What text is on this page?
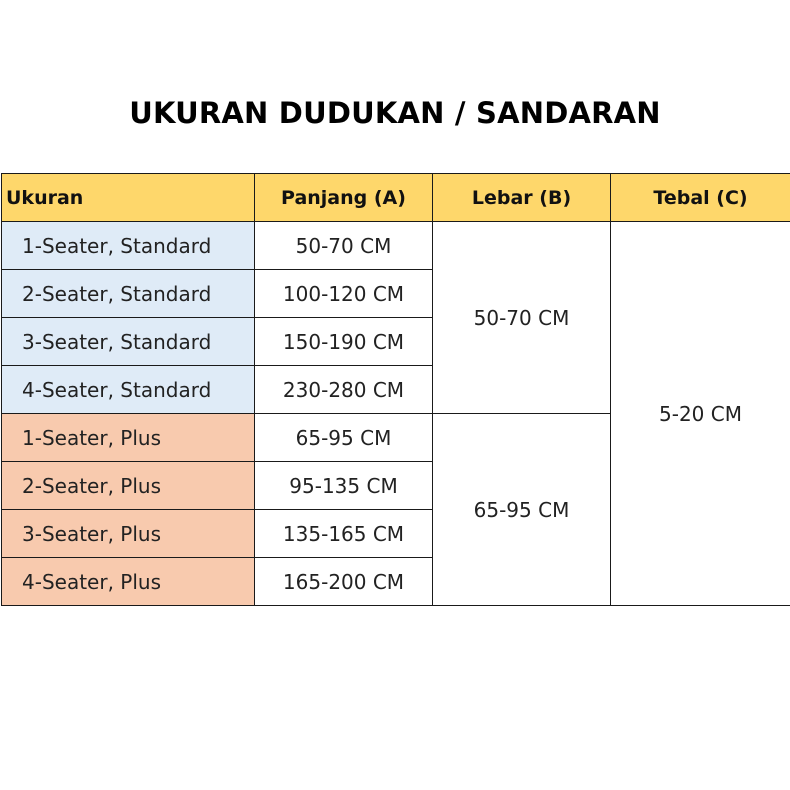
UKURAN DUDUKAN / SANDARAN
Ukuran	Panjang (A)	Lebar (B)	Tebal (C)
1-Seater, Standard	50-70 CM	50-70 CM	5-20 CM
2-Seater, Standard	100-120 CM		
3-Seater, Standard	150-190 CM		
4-Seater, Standard	230-280 CM		
1-Seater, Plus	65-95 CM	65-95 CM	
2-Seater, Plus	95-135 CM		
3-Seater, Plus	135-165 CM		
4-Seater, Plus	165-200 CM		
